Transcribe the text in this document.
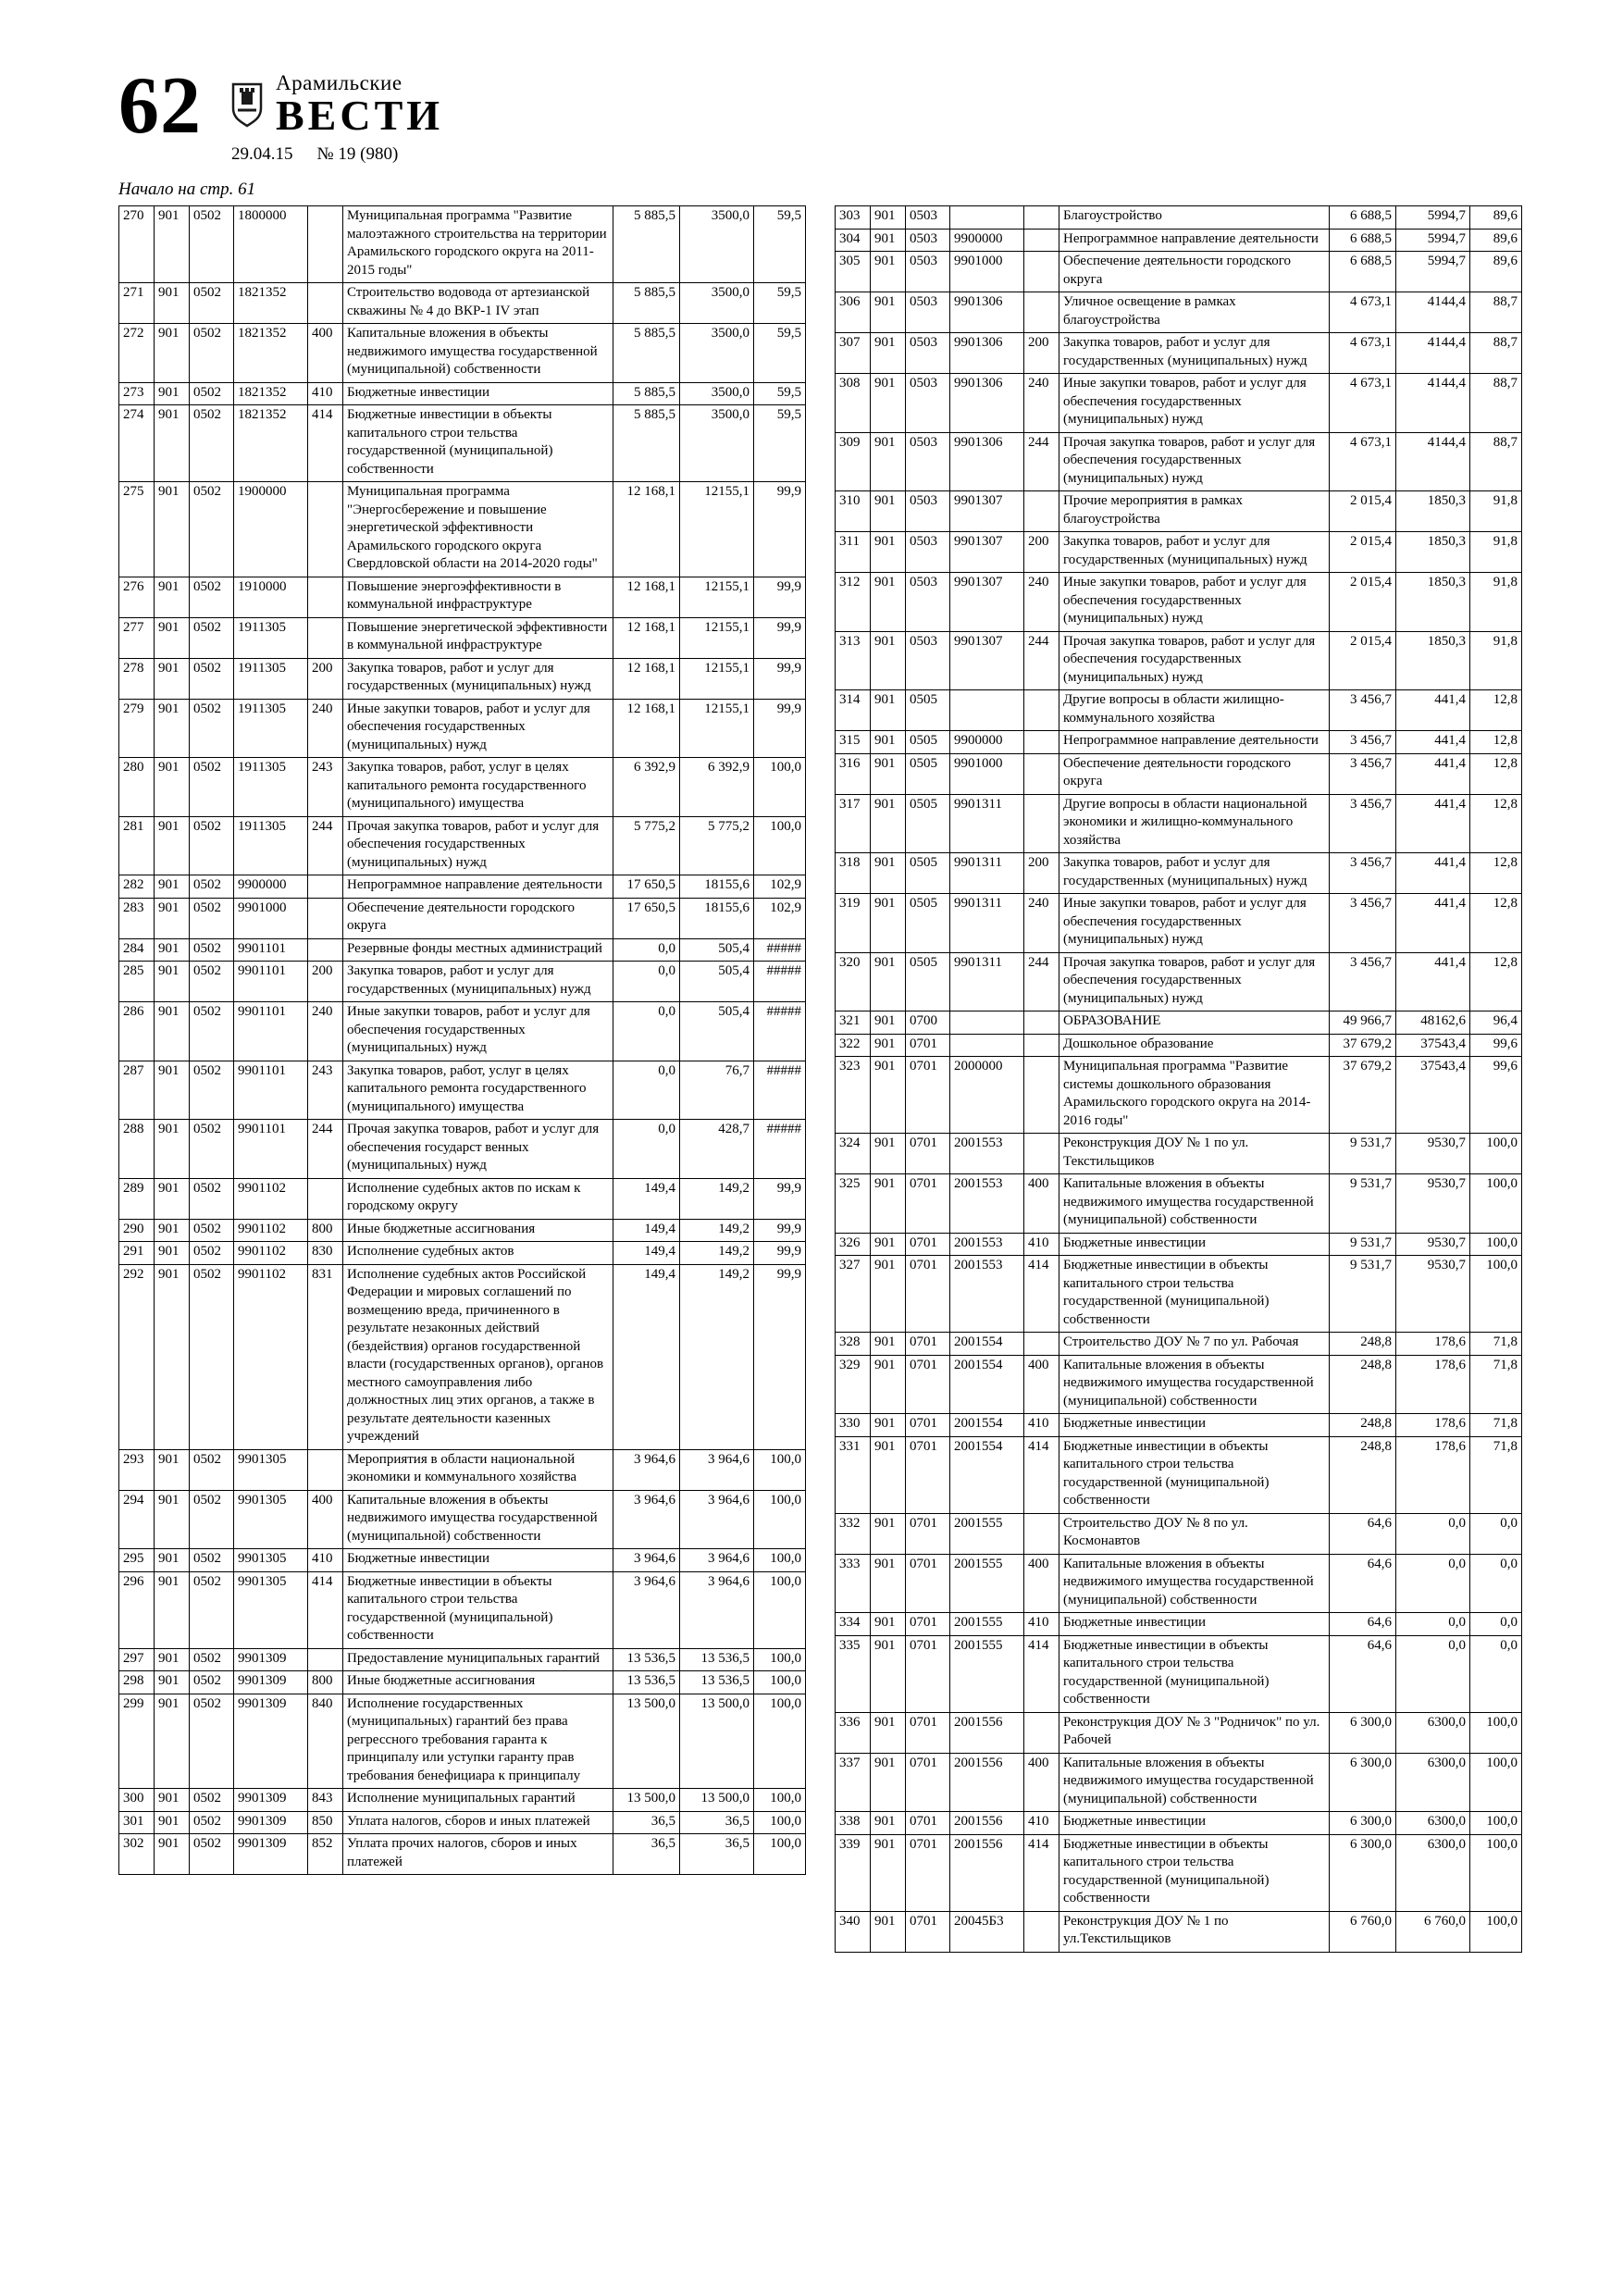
62	Арамильские
ВЕСТИ
29.04.15 № 19 (980)
Начало на стр. 61
270	901	0502	1800000		Муниципальная программа "Развитие малоэтажного строительства на территории Арамильского городского округа на 2011-2015 годы"	5 885,5	3500,0	59,5
271	901	0502	1821352		Строительство водовода от артезианской скважины № 4 до ВКР-1 IV этап	5 885,5	3500,0	59,5
272	901	0502	1821352	400	Капитальные вложения в объекты недвижимого имущества государственной (муниципальной) собственности	5 885,5	3500,0	59,5
273	901	0502	1821352	410	Бюджетные инвестиции	5 885,5	3500,0	59,5
274	901	0502	1821352	414	Бюджетные инвестиции в объекты капитального строи тельства государственной (муниципальной) собственности	5 885,5	3500,0	59,5
275	901	0502	1900000		Муниципальная программа "Энергосбережение и повышение энергетической эффективности Арамильского городского округа Свердловской области на 2014-2020 годы"	12 168,1	12155,1	99,9
276	901	0502	1910000		Повышение энергоэффективности в коммунальной инфраструктуре	12 168,1	12155,1	99,9
277	901	0502	1911305		Повышение энергетической эффективности в коммунальной инфраструктуре	12 168,1	12155,1	99,9
278	901	0502	1911305	200	Закупка товаров, работ и услуг для государственных (муниципальных) нужд	12 168,1	12155,1	99,9
279	901	0502	1911305	240	Иные закупки товаров, работ и услуг для обеспечения государственных (муниципальных) нужд	12 168,1	12155,1	99,9
280	901	0502	1911305	243	Закупка товаров, работ, услуг в целях капитального ремонта государственного (муниципального) имущества	6 392,9	6 392,9	100,0
281	901	0502	1911305	244	Прочая закупка товаров, работ и услуг для обеспечения государственных (муниципальных) нужд	5 775,2	5 775,2	100,0
282	901	0502	9900000		Непрограммное направление деятельности	17 650,5	18155,6	102,9
283	901	0502	9901000		Обеспечение деятельности городского округа	17 650,5	18155,6	102,9
284	901	0502	9901101		Резервные фонды местных администраций	0,0	505,4	#####
285	901	0502	9901101	200	Закупка товаров, работ и услуг для государственных (муниципальных) нужд	0,0	505,4	#####
286	901	0502	9901101	240	Иные закупки товаров, работ и услуг для обеспечения государственных (муниципальных) нужд	0,0	505,4	#####
287	901	0502	9901101	243	Закупка товаров, работ, услуг в целях капитального ремонта государственного (муниципального) имущества	0,0	76,7	#####
288	901	0502	9901101	244	Прочая закупка товаров, работ и услуг для обеспечения государст венных (муниципальных) нужд	0,0	428,7	#####
289	901	0502	9901102		Исполнение судебных актов по искам к городскому округу	149,4	149,2	99,9
290	901	0502	9901102	800	Иные бюджетные ассигнования	149,4	149,2	99,9
291	901	0502	9901102	830	Исполнение судебных актов	149,4	149,2	99,9
292	901	0502	9901102	831	Исполнение судебных актов Российской Федерации и мировых соглашений по возмещению вреда, причиненного в результате незаконных действий (бездействия) органов государственной власти (государственных органов), органов местного самоуправления либо должностных лиц этих органов, а также в результате деятельности казенных учреждений	149,4	149,2	99,9
293	901	0502	9901305		Мероприятия в области национальной экономики и коммунального хозяйства	3 964,6	3 964,6	100,0
294	901	0502	9901305	400	Капитальные вложения в объекты недвижимого имущества государственной (муниципальной) собственности	3 964,6	3 964,6	100,0
295	901	0502	9901305	410	Бюджетные инвестиции	3 964,6	3 964,6	100,0
296	901	0502	9901305	414	Бюджетные инвестиции в объекты капитального строи тельства государственной (муниципальной) собственности	3 964,6	3 964,6	100,0
297	901	0502	9901309		Предоставление муниципальных гарантий	13 536,5	13 536,5	100,0
298	901	0502	9901309	800	Иные бюджетные ассигнования	13 536,5	13 536,5	100,0
299	901	0502	9901309	840	Исполнение государственных (муниципальных) гарантий без права регрессного требования гаранта к принципалу или уступки гаранту прав требования бенефициара к принципалу	13 500,0	13 500,0	100,0
300	901	0502	9901309	843	Исполнение муниципальных гарантий	13 500,0	13 500,0	100,0
301	901	0502	9901309	850	Уплата налогов, сборов и иных платежей	36,5	36,5	100,0
302	901	0502	9901309	852	Уплата прочих налогов, сборов и иных платежей	36,5	36,5	100,0
303	901	0503			Благоустройство	6 688,5	5994,7	89,6
304	901	0503	9900000		Непрограммное направление деятельности	6 688,5	5994,7	89,6
305	901	0503	9901000		Обеспечение деятельности городского округа	6 688,5	5994,7	89,6
306	901	0503	9901306		Уличное освещение в рамках благоустройства	4 673,1	4144,4	88,7
307	901	0503	9901306	200	Закупка товаров, работ и услуг для государственных (муниципальных) нужд	4 673,1	4144,4	88,7
308	901	0503	9901306	240	Иные закупки товаров, работ и услуг для обеспечения государственных (муниципальных) нужд	4 673,1	4144,4	88,7
309	901	0503	9901306	244	Прочая закупка товаров, работ и услуг для обеспечения государственных (муниципальных) нужд	4 673,1	4144,4	88,7
310	901	0503	9901307		Прочие мероприятия в рамках благоустройства	2 015,4	1850,3	91,8
311	901	0503	9901307	200	Закупка товаров, работ и услуг для государственных (муниципальных) нужд	2 015,4	1850,3	91,8
312	901	0503	9901307	240	Иные закупки товаров, работ и услуг для обеспечения государственных (муниципальных) нужд	2 015,4	1850,3	91,8
313	901	0503	9901307	244	Прочая закупка товаров, работ и услуг для обеспечения государственных (муниципальных) нужд	2 015,4	1850,3	91,8
314	901	0505			Другие вопросы в области жилищно-коммунального хозяйства	3 456,7	441,4	12,8
315	901	0505	9900000		Непрограммное направление деятельности	3 456,7	441,4	12,8
316	901	0505	9901000		Обеспечение деятельности городского округа	3 456,7	441,4	12,8
317	901	0505	9901311		Другие вопросы в области национальной экономики и жилищно-коммунального хозяйства	3 456,7	441,4	12,8
318	901	0505	9901311	200	Закупка товаров, работ и услуг для государственных (муниципальных) нужд	3 456,7	441,4	12,8
319	901	0505	9901311	240	Иные закупки товаров, работ и услуг для обеспечения государственных (муниципальных) нужд	3 456,7	441,4	12,8
320	901	0505	9901311	244	Прочая закупка товаров, работ и услуг для обеспечения государственных (муниципальных) нужд	3 456,7	441,4	12,8
321	901	0700			ОБРАЗОВАНИЕ	49 966,7	48162,6	96,4
322	901	0701			Дошкольное образование	37 679,2	37543,4	99,6
323	901	0701	2000000		Муниципальная программа "Развитие системы дошкольного образования Арамильского городского округа на 2014-2016 годы"	37 679,2	37543,4	99,6
324	901	0701	2001553		Реконструкция ДОУ № 1 по ул. Текстильщиков	9 531,7	9530,7	100,0
325	901	0701	2001553	400	Капитальные вложения в объекты недвижимого имущества государственной (муниципальной) собственности	9 531,7	9530,7	100,0
326	901	0701	2001553	410	Бюджетные инвестиции	9 531,7	9530,7	100,0
327	901	0701	2001553	414	Бюджетные инвестиции в объекты капитального строи тельства государственной (муниципальной) собственности	9 531,7	9530,7	100,0
328	901	0701	2001554		Строительство ДОУ № 7 по ул. Рабочая	248,8	178,6	71,8
329	901	0701	2001554	400	Капитальные вложения в объекты недвижимого имущества государственной (муниципальной) собственности	248,8	178,6	71,8
330	901	0701	2001554	410	Бюджетные инвестиции	248,8	178,6	71,8
331	901	0701	2001554	414	Бюджетные инвестиции в объекты капитального строи тельства государственной (муниципальной) собственности	248,8	178,6	71,8
332	901	0701	2001555		Строительство ДОУ № 8 по ул. Космонавтов	64,6	0,0	0,0
333	901	0701	2001555	400	Капитальные вложения в объекты недвижимого имущества государственной (муниципальной) собственности	64,6	0,0	0,0
334	901	0701	2001555	410	Бюджетные инвестиции	64,6	0,0	0,0
335	901	0701	2001555	414	Бюджетные инвестиции в объекты капитального строи тельства государственной (муниципальной) собственности	64,6	0,0	0,0
336	901	0701	2001556		Реконструкция ДОУ № 3 "Родничок" по ул. Рабочей	6 300,0	6300,0	100,0
337	901	0701	2001556	400	Капитальные вложения в объекты недвижимого имущества государственной (муниципальной) собственности	6 300,0	6300,0	100,0
338	901	0701	2001556	410	Бюджетные инвестиции	6 300,0	6300,0	100,0
339	901	0701	2001556	414	Бюджетные инвестиции в объекты капитального строи тельства государственной (муниципальной) собственности	6 300,0	6300,0	100,0
340	901	0701	20045Б3		Реконструкция ДОУ № 1 по ул.Текстильщиков	6 760,0	6 760,0	100,0
